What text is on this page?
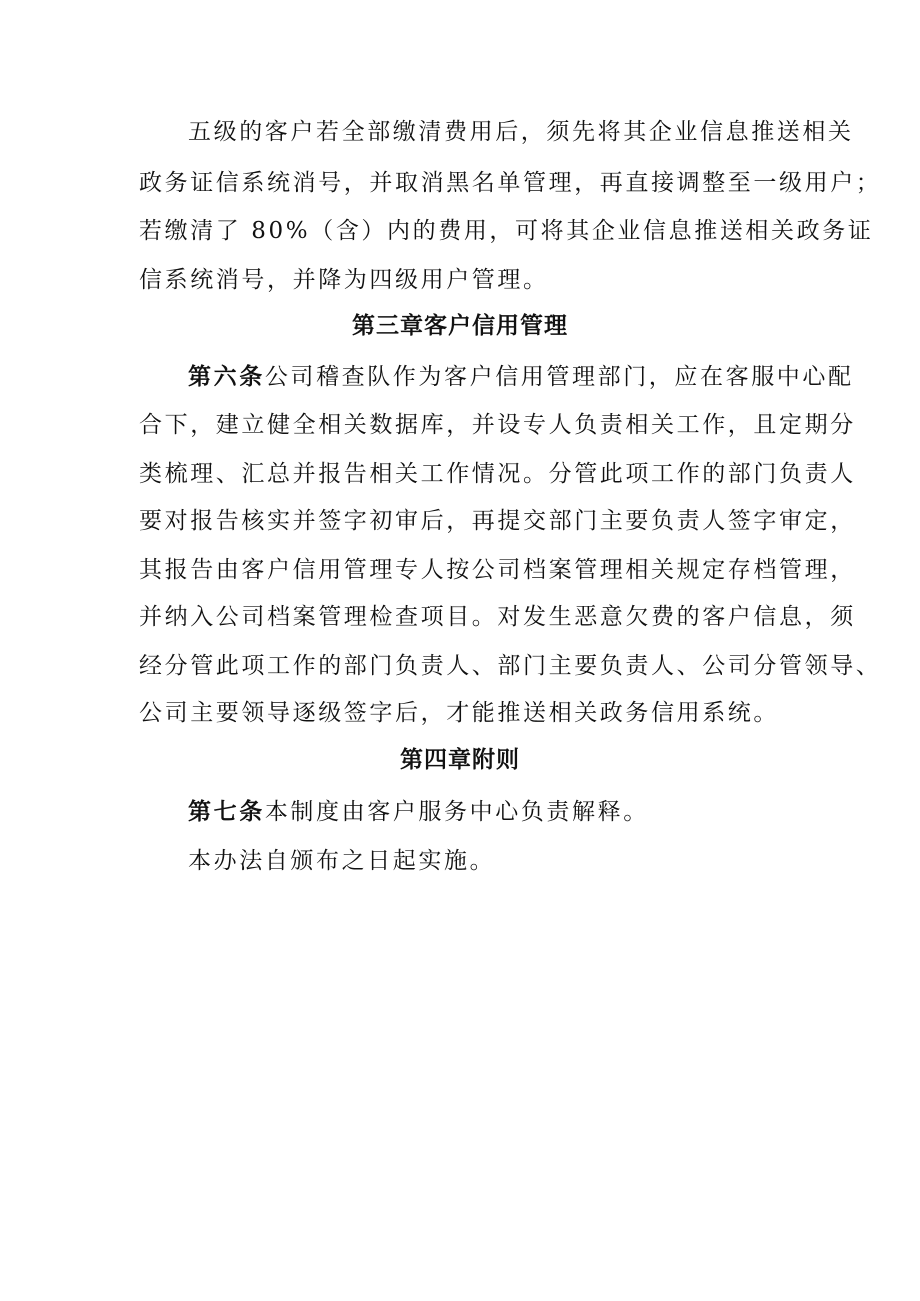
五级的客户若全部缴清费用后，须先将其企业信息推送相关
政务证信系统消号，并取消黑名单管理，再直接调整至一级用户；
若缴清了 80%（含）内的费用，可将其企业信息推送相关政务证
信系统消号，并降为四级用户管理。
第三章客户信用管理
第六条公司稽查队作为客户信用管理部门，应在客服中心配
合下，建立健全相关数据库，并设专人负责相关工作，且定期分
类梳理、汇总并报告相关工作情况。分管此项工作的部门负责人
要对报告核实并签字初审后，再提交部门主要负责人签字审定，
其报告由客户信用管理专人按公司档案管理相关规定存档管理，
并纳入公司档案管理检查项目。对发生恶意欠费的客户信息，须
经分管此项工作的部门负责人、部门主要负责人、公司分管领导、
公司主要领导逐级签字后，才能推送相关政务信用系统。
第四章附则
第七条本制度由客户服务中心负责解释。
本办法自颁布之日起实施。
